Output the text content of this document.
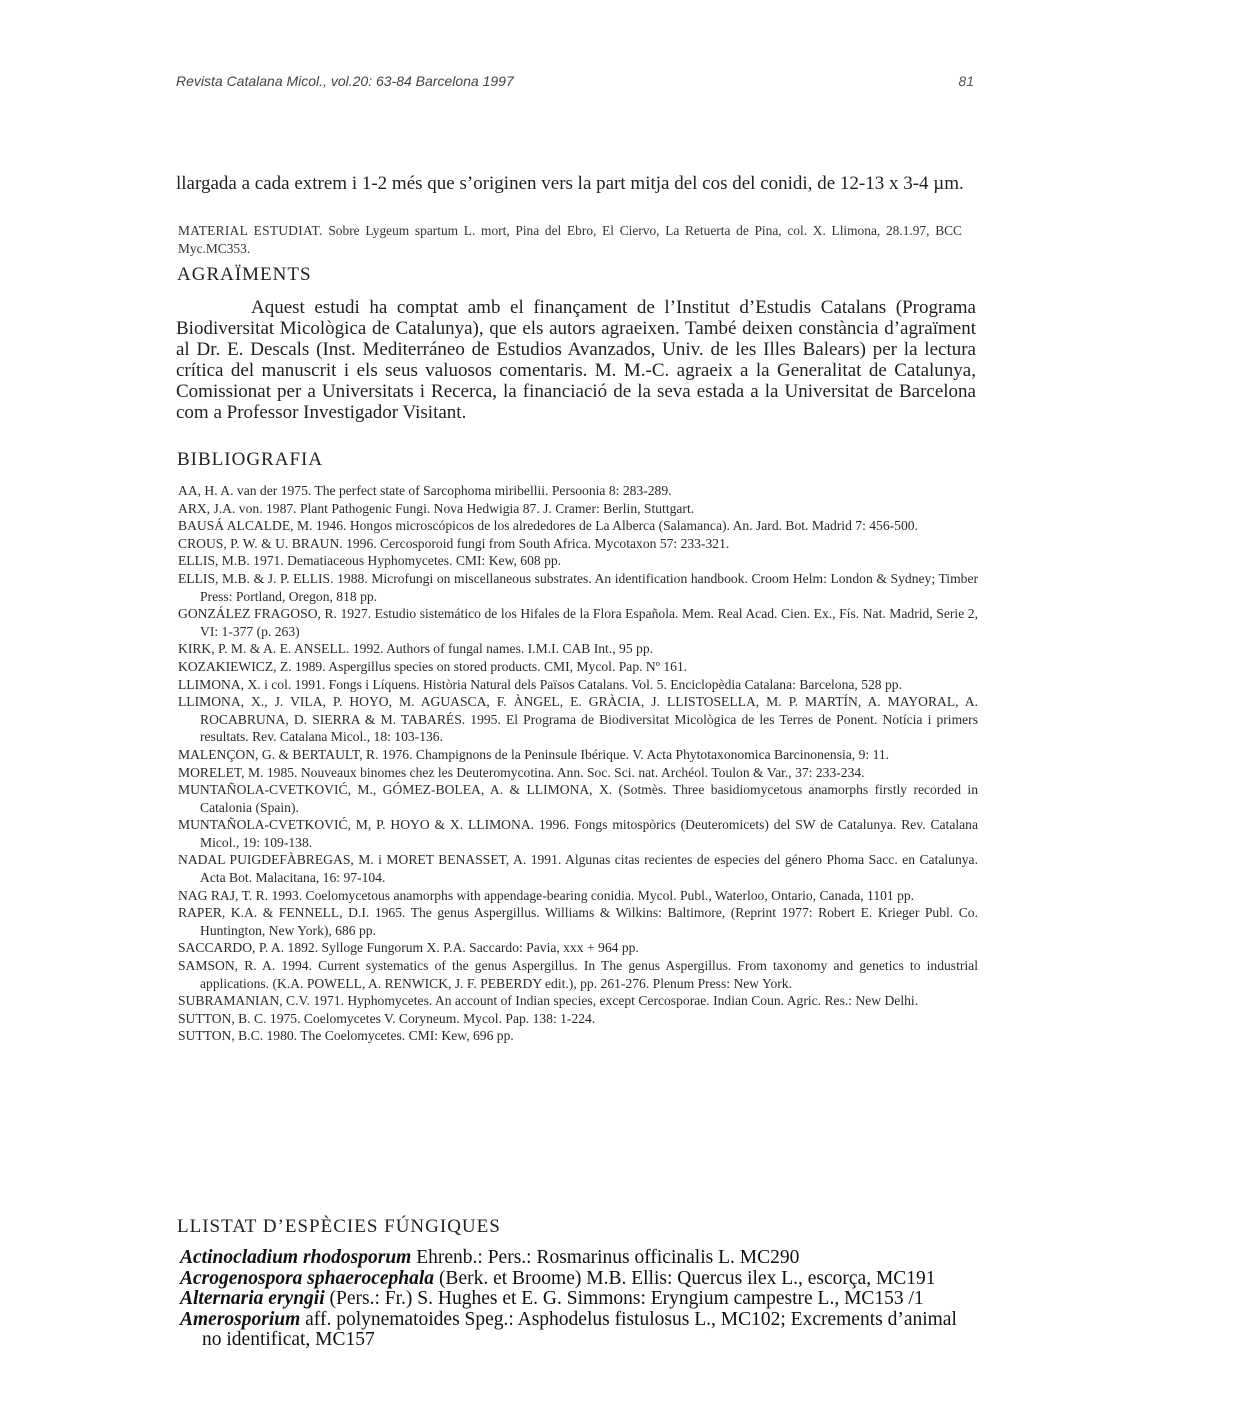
Revista Catalana Micol., vol.20: 63-84 Barcelona 1997	81

llargada a cada extrem i 1-2 més que s’originen vers la part mitja del cos del conidi, de 12-13 x 3-4 µm.

MATERIAL ESTUDIAT. Sobre Lygeum spartum L. mort, Pina del Ebro, El Ciervo, La Retuerta de Pina, col. X. Llimona, 28.1.97, BCC Myc.MC353.
AGRAÏMENTS

Aquest estudi ha comptat amb el finançament de l’Institut d’Estudis Catalans (Programa Biodiversitat Micològica de Catalunya), que els autors agraeixen. També deixen constància d’agraïment al Dr. E. Descals (Inst. Mediterráneo de Estudios Avanzados, Univ. de les Illes Balears) per la lectura crítica del manuscrit i els seus valuosos comentaris. M. M.-C. agraeix a la Generalitat de Catalunya, Comissionat per a Universitats i Recerca, la financiació de la seva estada a la Universitat de Barcelona com a Professor Investigador Visitant.

BIBLIOGRAFIA
AA, H. A. van der 1975. The perfect state of Sarcophoma miribellii. Persoonia 8: 283-289.
ARX, J.A. von. 1987. Plant Pathogenic Fungi. Nova Hedwigia 87. J. Cramer: Berlin, Stuttgart.
BAUSÁ ALCALDE, M. 1946. Hongos microscópicos de los alrededores de La Alberca (Salamanca). An. Jard. Bot. Madrid 7: 456-500.
CROUS, P. W. & U. BRAUN. 1996. Cercosporoid fungi from South Africa. Mycotaxon 57: 233-321.
ELLIS, M.B. 1971. Dematiaceous Hyphomycetes. CMI: Kew, 608 pp.
ELLIS, M.B. & J. P. ELLIS. 1988. Microfungi on miscellaneous substrates. An identification handbook. Croom Helm: London & Sydney; Timber Press: Portland, Oregon, 818 pp.
GONZÁLEZ FRAGOSO, R. 1927. Estudio sistemático de los Hifales de la Flora Española. Mem. Real Acad. Cien. Ex., Fís. Nat. Madrid, Serie 2, VI: 1-377 (p. 263)
KIRK, P. M. & A. E. ANSELL. 1992. Authors of fungal names. I.M.I. CAB Int., 95 pp.
KOZAKIEWICZ, Z. 1989. Aspergillus species on stored products. CMI, Mycol. Pap. Nº 161.
LLIMONA, X. i col. 1991. Fongs i Líquens. Història Natural dels Països Catalans. Vol. 5. Enciclopèdia Catalana: Barcelona, 528 pp.
LLIMONA, X., J. VILA, P. HOYO, M. AGUASCA, F. ÀNGEL, E. GRÀCIA, J. LLISTOSELLA, M. P. MARTÍN, A. MAYORAL, A. ROCABRUNA, D. SIERRA & M. TABARÉS. 1995. El Programa de Biodiversitat Micològica de les Terres de Ponent. Notícia i primers resultats. Rev. Catalana Micol., 18: 103-136.
MALENÇON, G. & BERTAULT, R. 1976. Champignons de la Peninsule Ibérique. V. Acta Phytotaxonomica Barcinonensia, 9: 11.
MORELET, M. 1985. Nouveaux binomes chez les Deuteromycotina. Ann. Soc. Sci. nat. Archéol. Toulon & Var., 37: 233-234.
MUNTAÑOLA-CVETKOVIĆ, M., GÓMEZ-BOLEA, A. & LLIMONA, X. (Sotmès. Three basidiomycetous anamorphs firstly recorded in Catalonia (Spain).
MUNTAÑOLA-CVETKOVIĆ, M, P. HOYO & X. LLIMONA. 1996. Fongs mitospòrics (Deuteromicets) del SW de Catalunya. Rev. Catalana Micol., 19: 109-138.
NADAL PUIGDEFÀBREGAS, M. i MORET BENASSET, A. 1991. Algunas citas recientes de especies del género Phoma Sacc. en Catalunya. Acta Bot. Malacitana, 16: 97-104.
NAG RAJ, T. R. 1993. Coelomycetous anamorphs with appendage-bearing conidia. Mycol. Publ., Waterloo, Ontario, Canada, 1101 pp.
RAPER, K.A. & FENNELL, D.I. 1965. The genus Aspergillus. Williams & Wilkins: Baltimore, (Reprint 1977: Robert E. Krieger Publ. Co. Huntington, New York), 686 pp.
SACCARDO, P. A. 1892. Sylloge Fungorum X. P.A. Saccardo: Pavia, xxx + 964 pp.
SAMSON, R. A. 1994. Current systematics of the genus Aspergillus. In The genus Aspergillus. From taxonomy and genetics to industrial applications. (K.A. POWELL, A. RENWICK, J. F. PEBERDY edit.), pp. 261-276. Plenum Press: New York.
SUBRAMANIAN, C.V. 1971. Hyphomycetes. An account of Indian species, except Cercosporae. Indian Coun. Agric. Res.: New Delhi.
SUTTON, B. C. 1975. Coelomycetes V. Coryneum. Mycol. Pap. 138: 1-224.
SUTTON, B.C. 1980. The Coelomycetes. CMI: Kew, 696 pp.
LLISTAT D’ESPÈCIES FÚNGIQUES
Actinocladium rhodosporum Ehrenb.: Pers.: Rosmarinus officinalis L. MC290
Acrogenospora sphaerocephala (Berk. et Broome) M.B. Ellis: Quercus ilex L., escorça, MC191
Alternaria eryngii (Pers.: Fr.) S. Hughes et E. G. Simmons: Eryngium campestre L., MC153 /1
Amerosporium aff. polynematoides Speg.: Asphodelus fistulosus L., MC102; Excrements d’animal no identificat, MC157
